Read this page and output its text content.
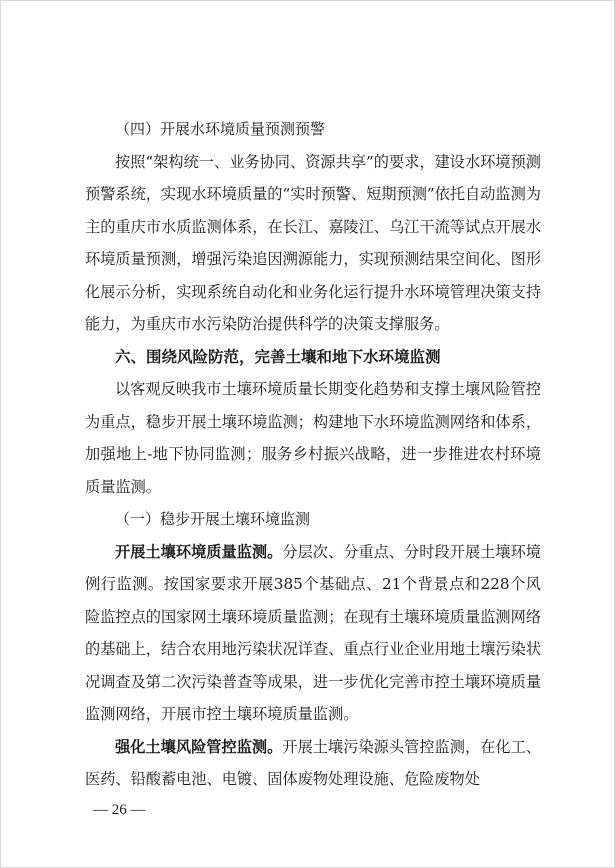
（四）开展水环境质量预测预警

按照“架构统一、业务协同、资源共享”的要求，建设水环境预测预警系统，实现水环境质量的“实时预警、短期预测”依托自动监测为主的重庆市水质监测体系，在长江、嘉陵江、乌江干流等试点开展水环境质量预测，增强污染追因溯源能力，实现预测结果空间化、图形化展示分析，实现系统自动化和业务化运行提升水环境管理决策支持能力，为重庆市水污染防治提供科学的决策支撑服务。

六、围绕风险防范，完善土壤和地下水环境监测

以客观反映我市土壤环境质量长期变化趋势和支撑土壤风险管控为重点，稳步开展土壤环境监测；构建地下水环境监测网络和体系，加强地上-地下协同监测；服务乡村振兴战略，进一步推进农村环境质量监测。

（一）稳步开展土壤环境监测

开展土壤环境质量监测。分层次、分重点、分时段开展土壤环境例行监测。按国家要求开展385个基础点、21个背景点和228个风险监控点的国家网土壤环境质量监测；在现有土壤环境质量监测网络的基础上，结合农用地污染状况详查、重点行业企业用地土壤污染状况调查及第二次污染普查等成果，进一步优化完善市控土壤环境质量监测网络，开展市控土壤环境质量监测。

强化土壤风险管控监测。开展土壤污染源头管控监测，在化工、医药、铅酸蓄电池、电镀、固体废物处理设施、危险废物处

— 26 —
